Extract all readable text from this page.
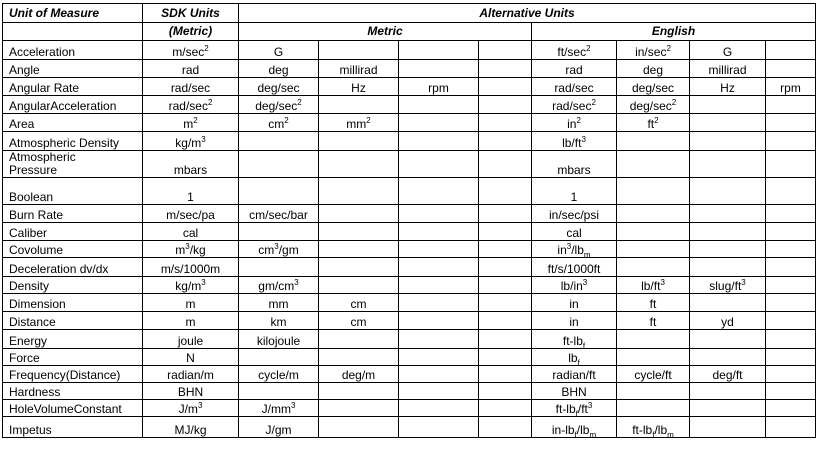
Unit of Measure	SDK Units	Alternative Units							
	(Metric)	Metric				English			
Acceleration	$m/\sec^2$	G				$ft/\sec^2$	$in/\sec^2$	G	
Angle	rad	deg	millirad			rad	deg	millirad	
Angular Rate	rad/sec	deg/sec	Hz	rpm		rad/sec	deg/sec	Hz	rpm
AngularAcceleration	rad/$\sec^2$	deg/$\sec^2$				rad/$\sec^2$	deg/$\sec^2$		
Area	$m^2$	$cm^2$	$mm^2$			$in^2$	$ft^2$		
Atmospheric Density	$kg/m^3$					$lb/ft^3$			
Atmospheric
Pressure	mbars					mbars			
Boolean	1					1			
Burn Rate	m/sec/pa	cm/sec/bar				in/sec/psi			
Caliber	cal					cal			
Covolume	$m^3/kg$	$cm^3/gm$				$in^3/lb_m$			
Deceleration dv/dx	m/s/1000m					ft/s/1000ft			
Density	$kg/m^3$	$gm/cm^3$				$lb/in^3$	$lb/ft^3$	slug/$ft^3$	
Dimension	m	mm	cm			in	ft		
Distance	m	km	cm			in	ft	yd	
Energy	joule	kilojoule				$ft-lb_f$			
Force	N					$lb_f$			
Frequency(Distance)	radian/m	cycle/m	deg/m			radian/ft	cycle/ft	deg/ft	
Hardness	BHN					BHN			
HoleVolumeConstant	$J/m^3$	$J/mm^3$				$ft-lb_f/ft^3$			
Impetus	MJ/kg	J/gm				$in-lb_f/lb_m$	$ft-lb_f/lb_m$		
